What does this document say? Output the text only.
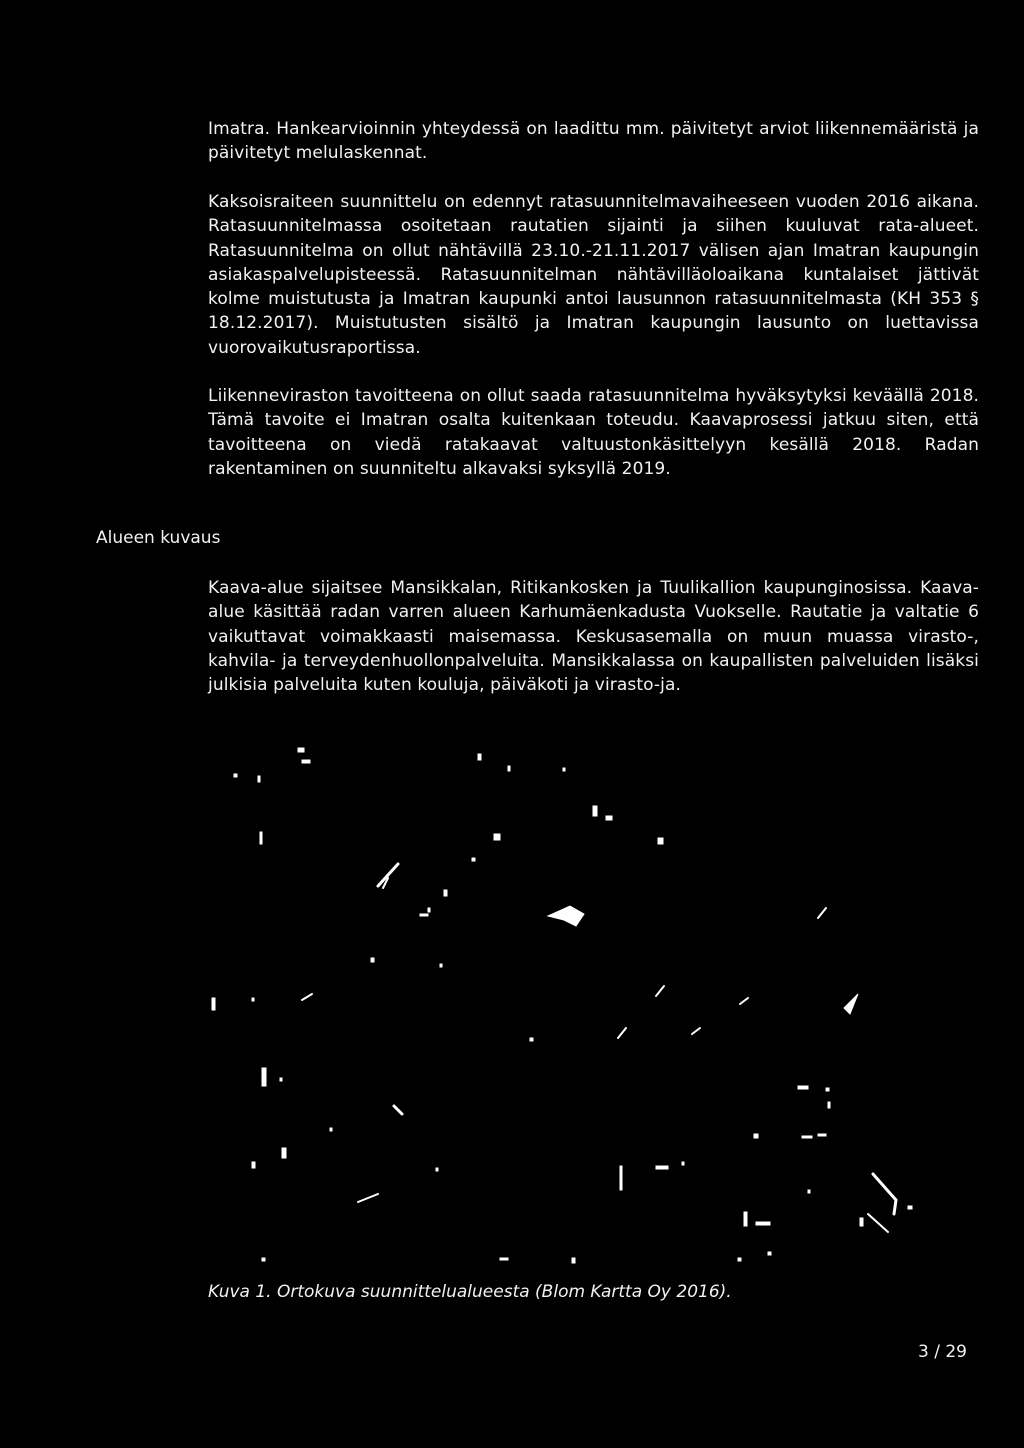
Imatra. Hankearvioinnin yhteydessä on laadittu mm. päivitetyt arviot liikennemääristä ja päivitetyt melulaskennat.

Kaksoisraiteen suunnittelu on edennyt ratasuunnitelmavaiheeseen vuoden 2016 aikana. Ratasuunnitelmassa osoitetaan rautatien sijainti ja siihen kuuluvat rata-alueet. Ratasuunnitelma on ollut nähtävillä 23.10.-21.11.2017 välisen ajan Imatran kaupungin asiakaspalvelupisteessä. Ratasuunnitelman nähtävilläoloaikana kuntalaiset jättivät kolme muistutusta ja Imatran kaupunki antoi lausunnon ratasuunnitelmasta (KH 353 § 18.12.2017). Muistutusten sisältö ja Imatran kaupungin lausunto on luettavissa vuorovaikutusraportissa.

Liikenneviraston tavoitteena on ollut saada ratasuunnitelma hyväksytyksi keväällä 2018. Tämä tavoite ei Imatran osalta kuitenkaan toteudu. Kaavaprosessi jatkuu siten, että tavoitteena on viedä ratakaavat valtuustonkäsittelyyn kesällä 2018. Radan rakentaminen on suunniteltu alkavaksi syksyllä 2019.

Alueen kuvaus

Kaava-alue sijaitsee Mansikkalan, Ritikankosken ja Tuulikallion kaupunginosissa. Kaava-alue käsittää radan varren alueen Karhumäenkadusta Vuokselle. Rautatie ja valtatie 6 vaikuttavat voimakkaasti maisemassa. Keskusasemalla on muun muassa virasto-, kahvila- ja terveydenhuollonpalveluita. Mansikkalassa on kaupallisten palveluiden lisäksi julkisia palveluita kuten kouluja, päiväkoti ja virasto-ja.

Kuva 1. Ortokuva suunnittelualueesta (Blom Kartta Oy 2016).

3 / 29
